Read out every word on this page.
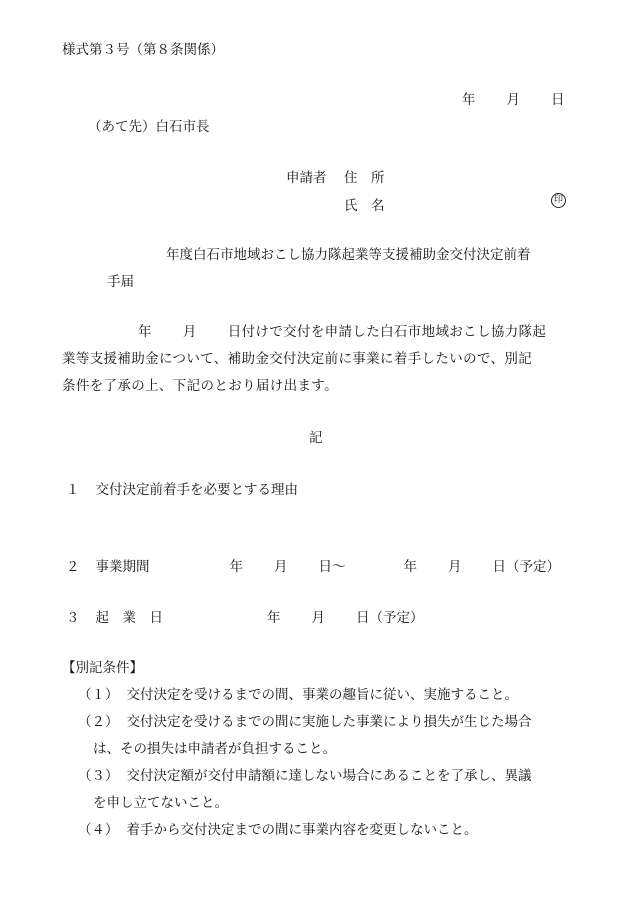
様式第３号（第８条関係）
年 月 日
（あて先）白石市長
申請者 住　所
氏　名	印
年度白石市地域おこし協力隊起業等支援補助金交付決定前着
手届
年 月 日付けで交付を申請した白石市地域おこし協力隊起
業等支援補助金について、補助金交付決定前に事業に着手したいので、別記
条件を了承の上、下記のとおり届け出ます。
記
１ 交付決定前着手を必要とする理由
２ 事業期間	年 月 日～	年 月 日（予定）
３ 起　業　日	年 月 日（予定）
【別記条件】
（１） 交付決定を受けるまでの間、事業の趣旨に従い、実施すること。
（２） 交付決定を受けるまでの間に実施した事業により損失が生じた場合
は、その損失は申請者が負担すること。
（３） 交付決定額が交付申請額に達しない場合にあることを了承し、異議
を申し立てないこと。
（４） 着手から交付決定までの間に事業内容を変更しないこと。
